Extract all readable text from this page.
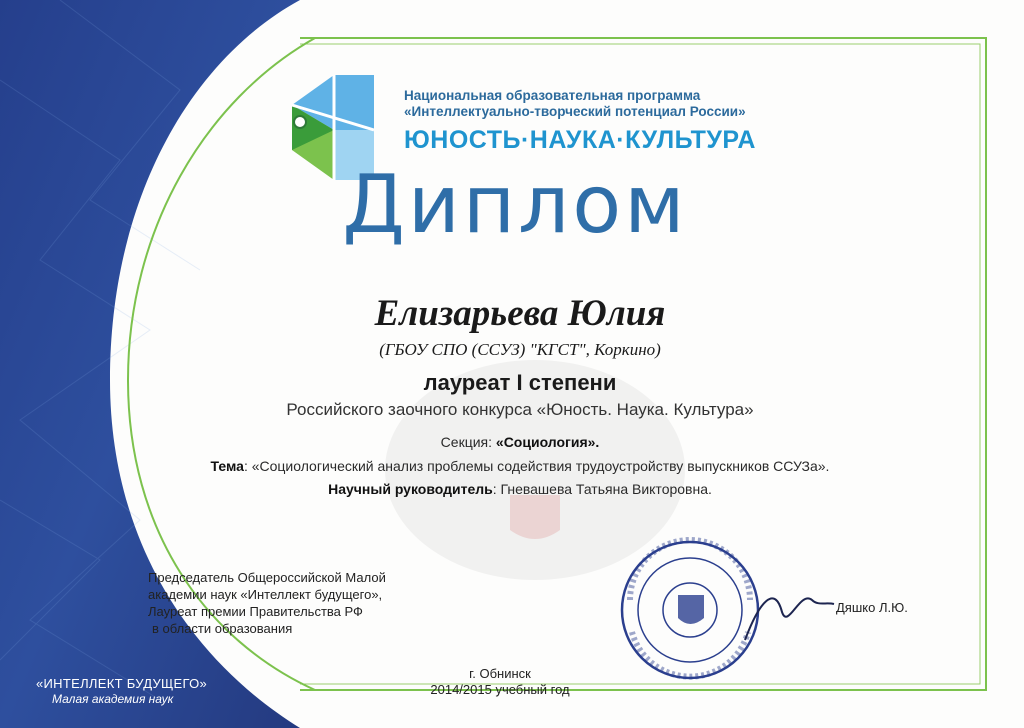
Национальная образовательная программа
«Интеллектуально-творческий потенциал России»
ЮНОСТЬ·НАУКА·КУЛЬТУРА
Диплом
Елизарьева Юлия
(ГБОУ СПО (ССУЗ) "КГСТ", Коркино)
лауреат I степени
Российского заочного конкурса «Юность. Наука. Культура»
Секция: «Социология».
Тема: «Социологический анализ проблемы содействия трудоустройству выпускников ССУЗа».
Научный руководитель: Гневашева Татьяна Викторовна.
Председатель Общероссийской Малой
академии наук «Интеллект будущего»,
Лауреат премии Правительства РФ
в области образования
Дяшко Л.Ю.
г. Обнинск
2014/2015 учебный год
«ИНТЕЛЛЕКТ БУДУЩЕГО»
Малая академия наук
